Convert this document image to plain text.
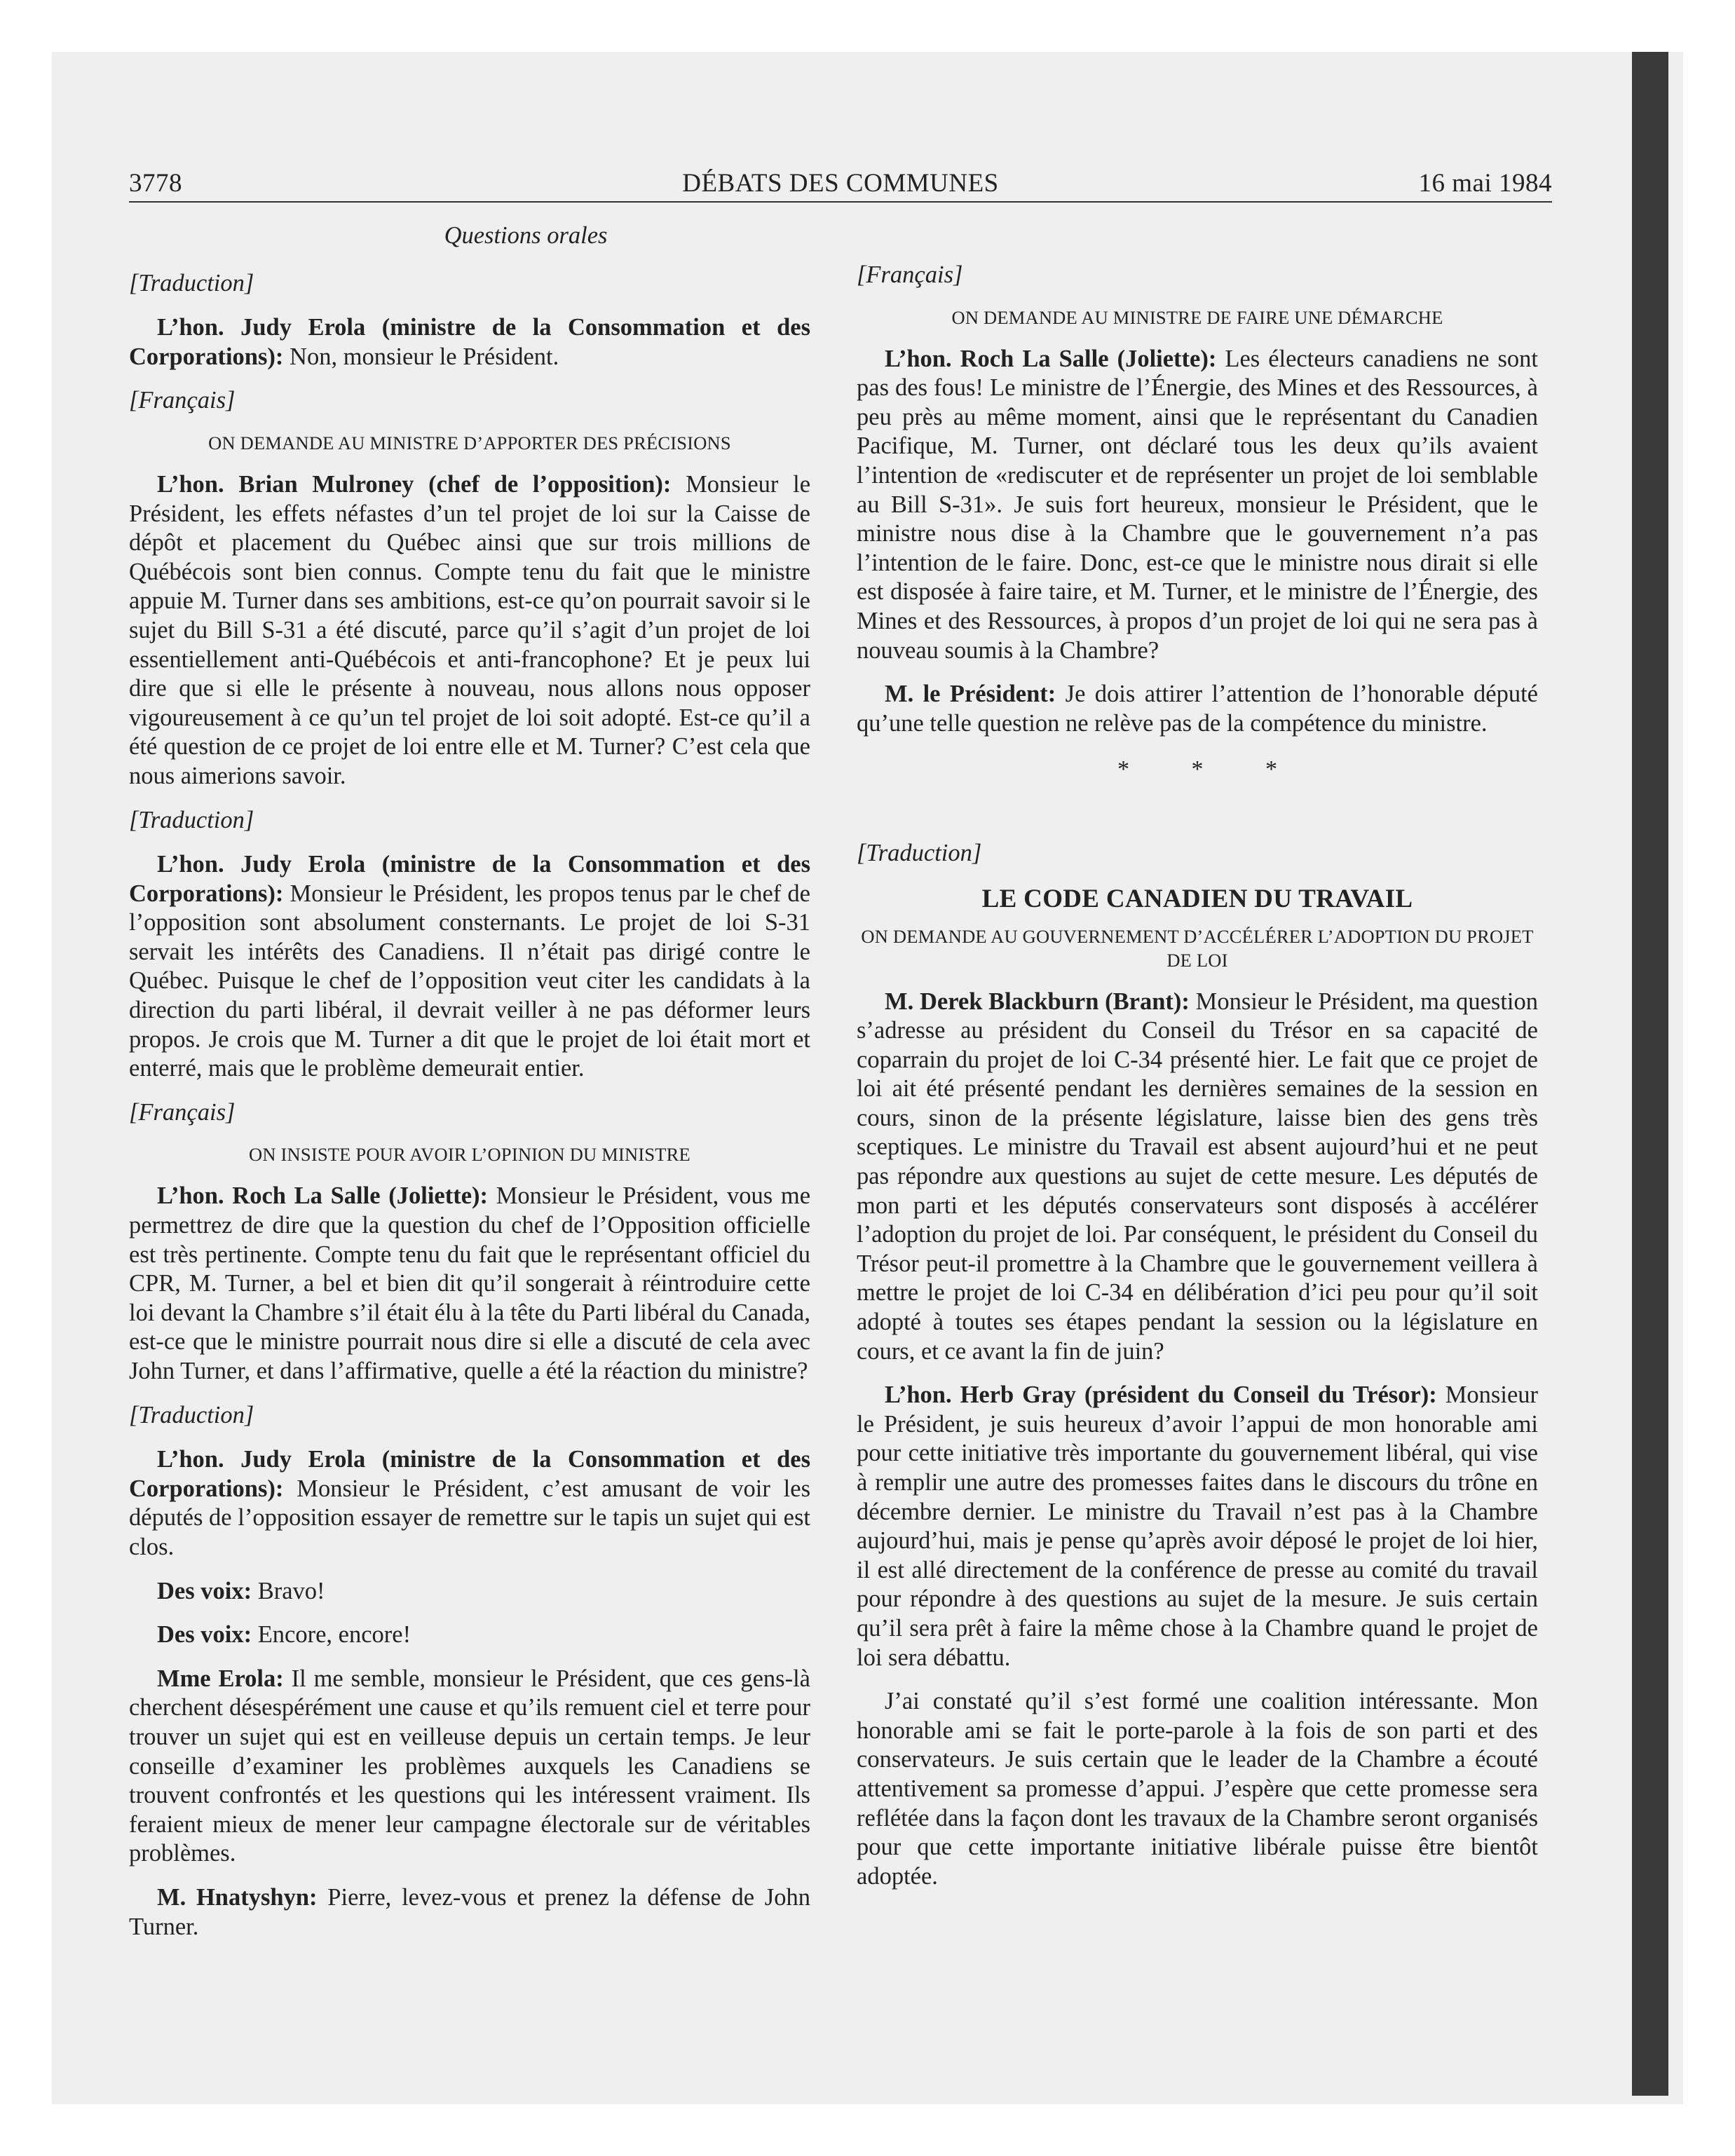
3778	DÉBATS DES COMMUNES	16 mai 1984
Questions orales
[Traduction]
L’hon. Judy Erola (ministre de la Consommation et des Corporations): Non, monsieur le Président.
[Français]
ON DEMANDE AU MINISTRE D’APPORTER DES PRÉCISIONS
L’hon. Brian Mulroney (chef de l’opposition): Monsieur le Président, les effets néfastes d’un tel projet de loi sur la Caisse de dépôt et placement du Québec ainsi que sur trois millions de Québécois sont bien connus. Compte tenu du fait que le ministre appuie M. Turner dans ses ambitions, est-ce qu’on pourrait savoir si le sujet du Bill S-31 a été discuté, parce qu’il s’agit d’un projet de loi essentiellement anti-Québécois et anti-francophone? Et je peux lui dire que si elle le présente à nouveau, nous allons nous opposer vigoureusement à ce qu’un tel projet de loi soit adopté. Est-ce qu’il a été question de ce projet de loi entre elle et M. Turner? C’est cela que nous aimerions savoir.
[Traduction]
L’hon. Judy Erola (ministre de la Consommation et des Corporations): Monsieur le Président, les propos tenus par le chef de l’opposition sont absolument consternants. Le projet de loi S-31 servait les intérêts des Canadiens. Il n’était pas dirigé contre le Québec. Puisque le chef de l’opposition veut citer les candidats à la direction du parti libéral, il devrait veiller à ne pas déformer leurs propos. Je crois que M. Turner a dit que le projet de loi était mort et enterré, mais que le problème demeurait entier.
[Français]
ON INSISTE POUR AVOIR L’OPINION DU MINISTRE
L’hon. Roch La Salle (Joliette): Monsieur le Président, vous me permettrez de dire que la question du chef de l’Opposition officielle est très pertinente. Compte tenu du fait que le représentant officiel du CPR, M. Turner, a bel et bien dit qu’il songerait à réintroduire cette loi devant la Chambre s’il était élu à la tête du Parti libéral du Canada, est-ce que le ministre pourrait nous dire si elle a discuté de cela avec John Turner, et dans l’affirmative, quelle a été la réaction du ministre?
[Traduction]
L’hon. Judy Erola (ministre de la Consommation et des Corporations): Monsieur le Président, c’est amusant de voir les députés de l’opposition essayer de remettre sur le tapis un sujet qui est clos.
Des voix: Bravo!
Des voix: Encore, encore!
Mme Erola: Il me semble, monsieur le Président, que ces gens-là cherchent désespérément une cause et qu’ils remuent ciel et terre pour trouver un sujet qui est en veilleuse depuis un certain temps. Je leur conseille d’examiner les problèmes auxquels les Canadiens se trouvent confrontés et les questions qui les intéressent vraiment. Ils feraient mieux de mener leur campagne électorale sur de véritables problèmes.
M. Hnatyshyn: Pierre, levez-vous et prenez la défense de John Turner.
[Français]
ON DEMANDE AU MINISTRE DE FAIRE UNE DÉMARCHE
L’hon. Roch La Salle (Joliette): Les électeurs canadiens ne sont pas des fous! Le ministre de l’Énergie, des Mines et des Ressources, à peu près au même moment, ainsi que le représentant du Canadien Pacifique, M. Turner, ont déclaré tous les deux qu’ils avaient l’intention de «rediscuter et de représenter un projet de loi semblable au Bill S-31». Je suis fort heureux, monsieur le Président, que le ministre nous dise à la Chambre que le gouvernement n’a pas l’intention de le faire. Donc, est-ce que le ministre nous dirait si elle est disposée à faire taire, et M. Turner, et le ministre de l’Énergie, des Mines et des Ressources, à propos d’un projet de loi qui ne sera pas à nouveau soumis à la Chambre?
M. le Président: Je dois attirer l’attention de l’honorable député qu’une telle question ne relève pas de la compétence du ministre.
* * *
[Traduction]
LE CODE CANADIEN DU TRAVAIL
ON DEMANDE AU GOUVERNEMENT D’ACCÉLÉRER L’ADOPTION DU PROJET DE LOI
M. Derek Blackburn (Brant): Monsieur le Président, ma question s’adresse au président du Conseil du Trésor en sa capacité de coparrain du projet de loi C-34 présenté hier. Le fait que ce projet de loi ait été présenté pendant les dernières semaines de la session en cours, sinon de la présente législature, laisse bien des gens très sceptiques. Le ministre du Travail est absent aujourd’hui et ne peut pas répondre aux questions au sujet de cette mesure. Les députés de mon parti et les députés conservateurs sont disposés à accélérer l’adoption du projet de loi. Par conséquent, le président du Conseil du Trésor peut-il promettre à la Chambre que le gouvernement veillera à mettre le projet de loi C-34 en délibération d’ici peu pour qu’il soit adopté à toutes ses étapes pendant la session ou la législature en cours, et ce avant la fin de juin?
L’hon. Herb Gray (président du Conseil du Trésor): Monsieur le Président, je suis heureux d’avoir l’appui de mon honorable ami pour cette initiative très importante du gouvernement libéral, qui vise à remplir une autre des promesses faites dans le discours du trône en décembre dernier. Le ministre du Travail n’est pas à la Chambre aujourd’hui, mais je pense qu’après avoir déposé le projet de loi hier, il est allé directement de la conférence de presse au comité du travail pour répondre à des questions au sujet de la mesure. Je suis certain qu’il sera prêt à faire la même chose à la Chambre quand le projet de loi sera débattu.
J’ai constaté qu’il s’est formé une coalition intéressante. Mon honorable ami se fait le porte-parole à la fois de son parti et des conservateurs. Je suis certain que le leader de la Chambre a écouté attentivement sa promesse d’appui. J’espère que cette promesse sera reflétée dans la façon dont les travaux de la Chambre seront organisés pour que cette importante initiative libérale puisse être bientôt adoptée.
